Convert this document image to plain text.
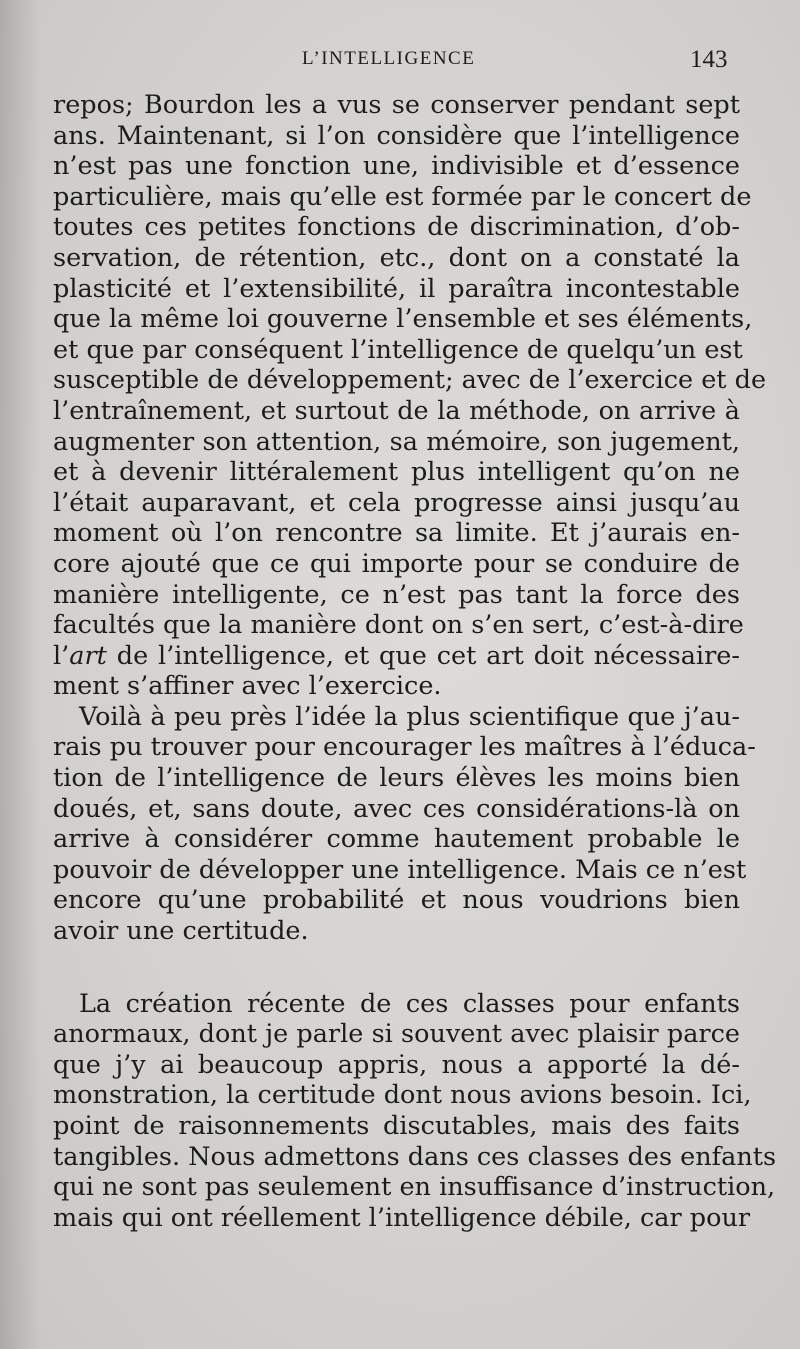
L’INTELLIGENCE	143
repos; Bourdon les a vus se conserver pendant sept
ans. Maintenant, si l’on considère que l’intelligence
n’est pas une fonction une, indivisible et d’essence
particulière, mais qu’elle est formée par le concert de
toutes ces petites fonctions de discrimination, d’ob-
servation, de rétention, etc., dont on a constaté la
plasticité et l’extensibilité, il paraîtra incontestable
que la même loi gouverne l’ensemble et ses éléments,
et que par conséquent l’intelligence de quelqu’un est
susceptible de développement; avec de l’exercice et de
l’entraînement, et surtout de la méthode, on arrive à
augmenter son attention, sa mémoire, son jugement,
et à devenir littéralement plus intelligent qu’on ne
l’était auparavant, et cela progresse ainsi jusqu’au
moment où l’on rencontre sa limite. Et j’aurais en-
core ajouté que ce qui importe pour se conduire de
manière intelligente, ce n’est pas tant la force des
facultés que la manière dont on s’en sert, c’est-à-dire
l’art de l’intelligence, et que cet art doit nécessaire-
ment s’affiner avec l’exercice.
Voilà à peu près l’idée la plus scientifique que j’au-
rais pu trouver pour encourager les maîtres à l’éduca-
tion de l’intelligence de leurs élèves les moins bien
doués, et, sans doute, avec ces considérations-là on
arrive à considérer comme hautement probable le
pouvoir de développer une intelligence. Mais ce n’est
encore qu’une probabilité et nous voudrions bien
avoir une certitude.
La création récente de ces classes pour enfants
anormaux, dont je parle si souvent avec plaisir parce
que j’y ai beaucoup appris, nous a apporté la dé-
monstration, la certitude dont nous avions besoin. Ici,
point de raisonnements discutables, mais des faits
tangibles. Nous admettons dans ces classes des enfants
qui ne sont pas seulement en insuffisance d’instruction,
mais qui ont réellement l’intelligence débile, car pour
